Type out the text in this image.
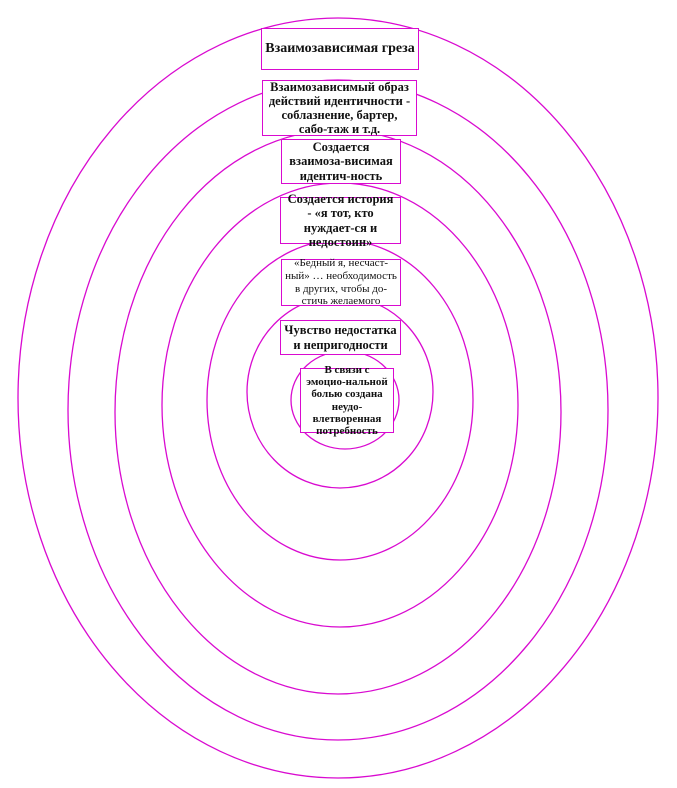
Взаимозависимая греза
Взаимозависимый образ действий идентичности - соблазнение, бартер, сабо-таж и т.д.
Создается взаимоза-висимая идентич-ность
Создается история - «я тот, кто нуждает-ся и недостоин»
«Бедный я, несчаст-ный» … необходимость в других, чтобы до-стичь желаемого
Чувство недостатка и непригодности
В связи с эмоцио-нальной болью создана неудо-влетворенная потребность
